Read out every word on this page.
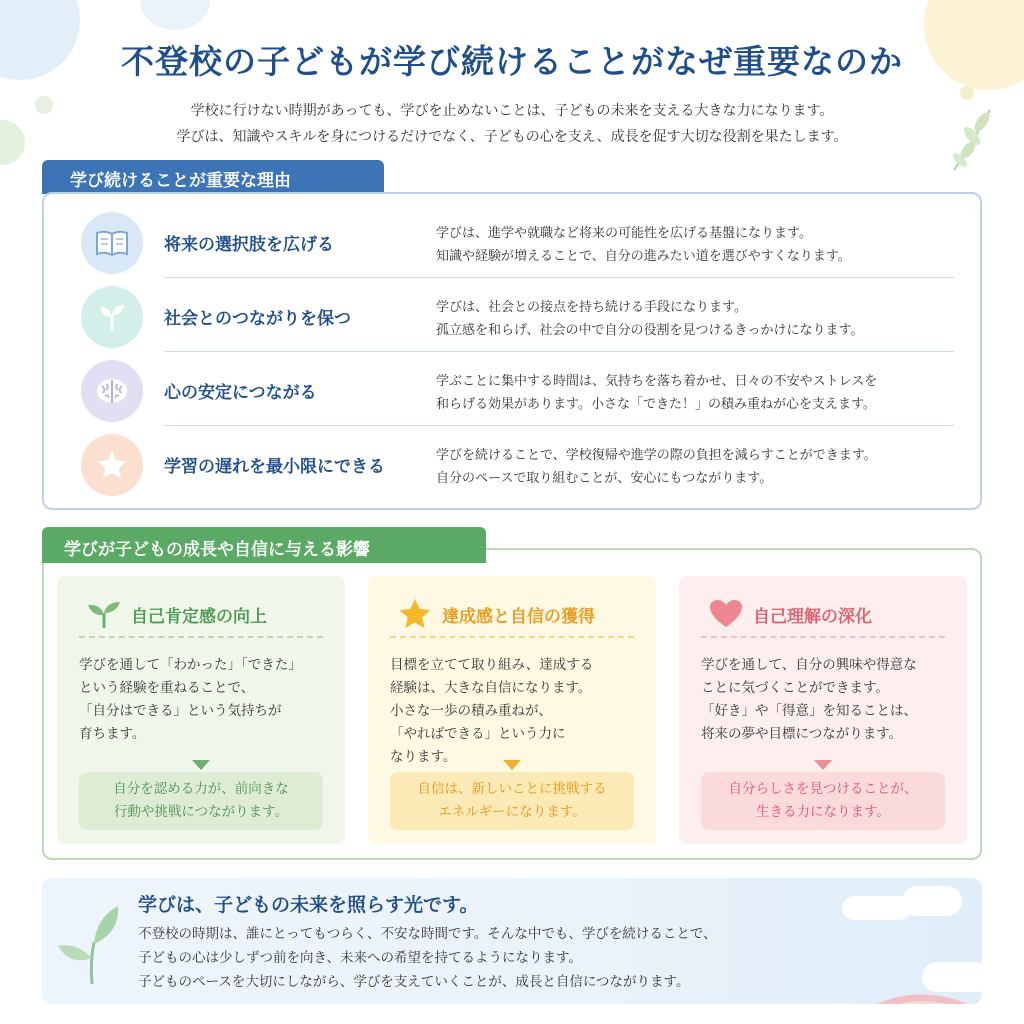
不登校の子どもが学び続けることがなぜ重要なのか
学校に行けない時期があっても、学びを止めないことは、子どもの未来を支える大きな力になります。
学びは、知識やスキルを身につけるだけでなく、子どもの心を支え、成長を促す大切な役割を果たします。
学び続けることが重要な理由
将来の選択肢を広げる
学びは、進学や就職など将来の可能性を広げる基盤になります。
知識や経験が増えることで、自分の進みたい道を選びやすくなります。
社会とのつながりを保つ
学びは、社会との接点を持ち続ける手段になります。
孤立感を和らげ、社会の中で自分の役割を見つけるきっかけになります。
心の安定につながる
学ぶことに集中する時間は、気持ちを落ち着かせ、日々の不安やストレスを
和らげる効果があります。小さな「できた！」の積み重ねが心を支えます。
学習の遅れを最小限にできる
学びを続けることで、学校復帰や進学の際の負担を減らすことができます。
自分のペースで取り組むことが、安心にもつながります。
学びが子どもの成長や自信に与える影響
自己肯定感の向上
学びを通して「わかった」「できた」
という経験を重ねることで、
「自分はできる」という気持ちが
育ちます。
自分を認める力が、前向きな
行動や挑戦につながります。
達成感と自信の獲得
目標を立てて取り組み、達成する
経験は、大きな自信になります。
小さな一歩の積み重ねが、
「やればできる」という力に
なります。
自信は、新しいことに挑戦する
エネルギーになります。
自己理解の深化
学びを通して、自分の興味や得意な
ことに気づくことができます。
「好き」や「得意」を知ることは、
将来の夢や目標につながります。
自分らしさを見つけることが、
生きる力になります。
学びは、子どもの未来を照らす光です。
不登校の時期は、誰にとってもつらく、不安な時間です。そんな中でも、学びを続けることで、
子どもの心は少しずつ前を向き、未来への希望を持てるようになります。
子どものペースを大切にしながら、学びを支えていくことが、成長と自信につながります。
